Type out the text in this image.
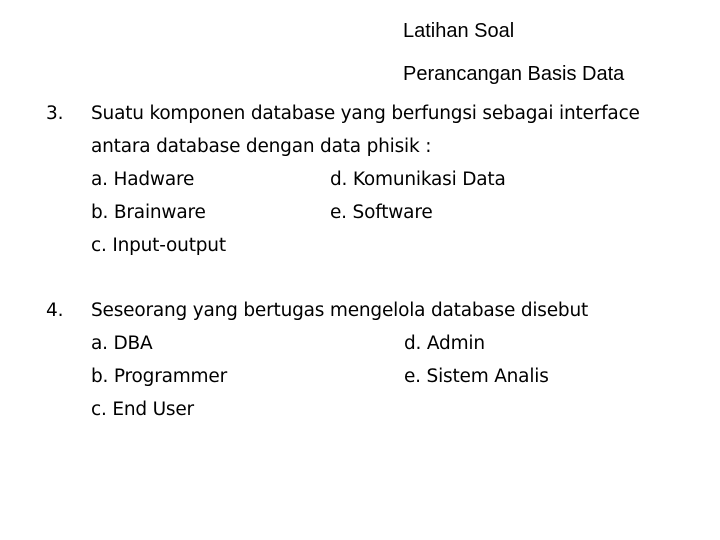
Latihan Soal
Perancangan Basis Data
3. Suatu komponen database yang berfungsi sebagai interface
antara database dengan data phisik :
a. Hadware	d. Komunikasi Data
b. Brainware	e. Software
c. Input-output
4. Seseorang yang bertugas mengelola database disebut
a. DBA	d. Admin
b. Programmer	e. Sistem Analis
c. End User
